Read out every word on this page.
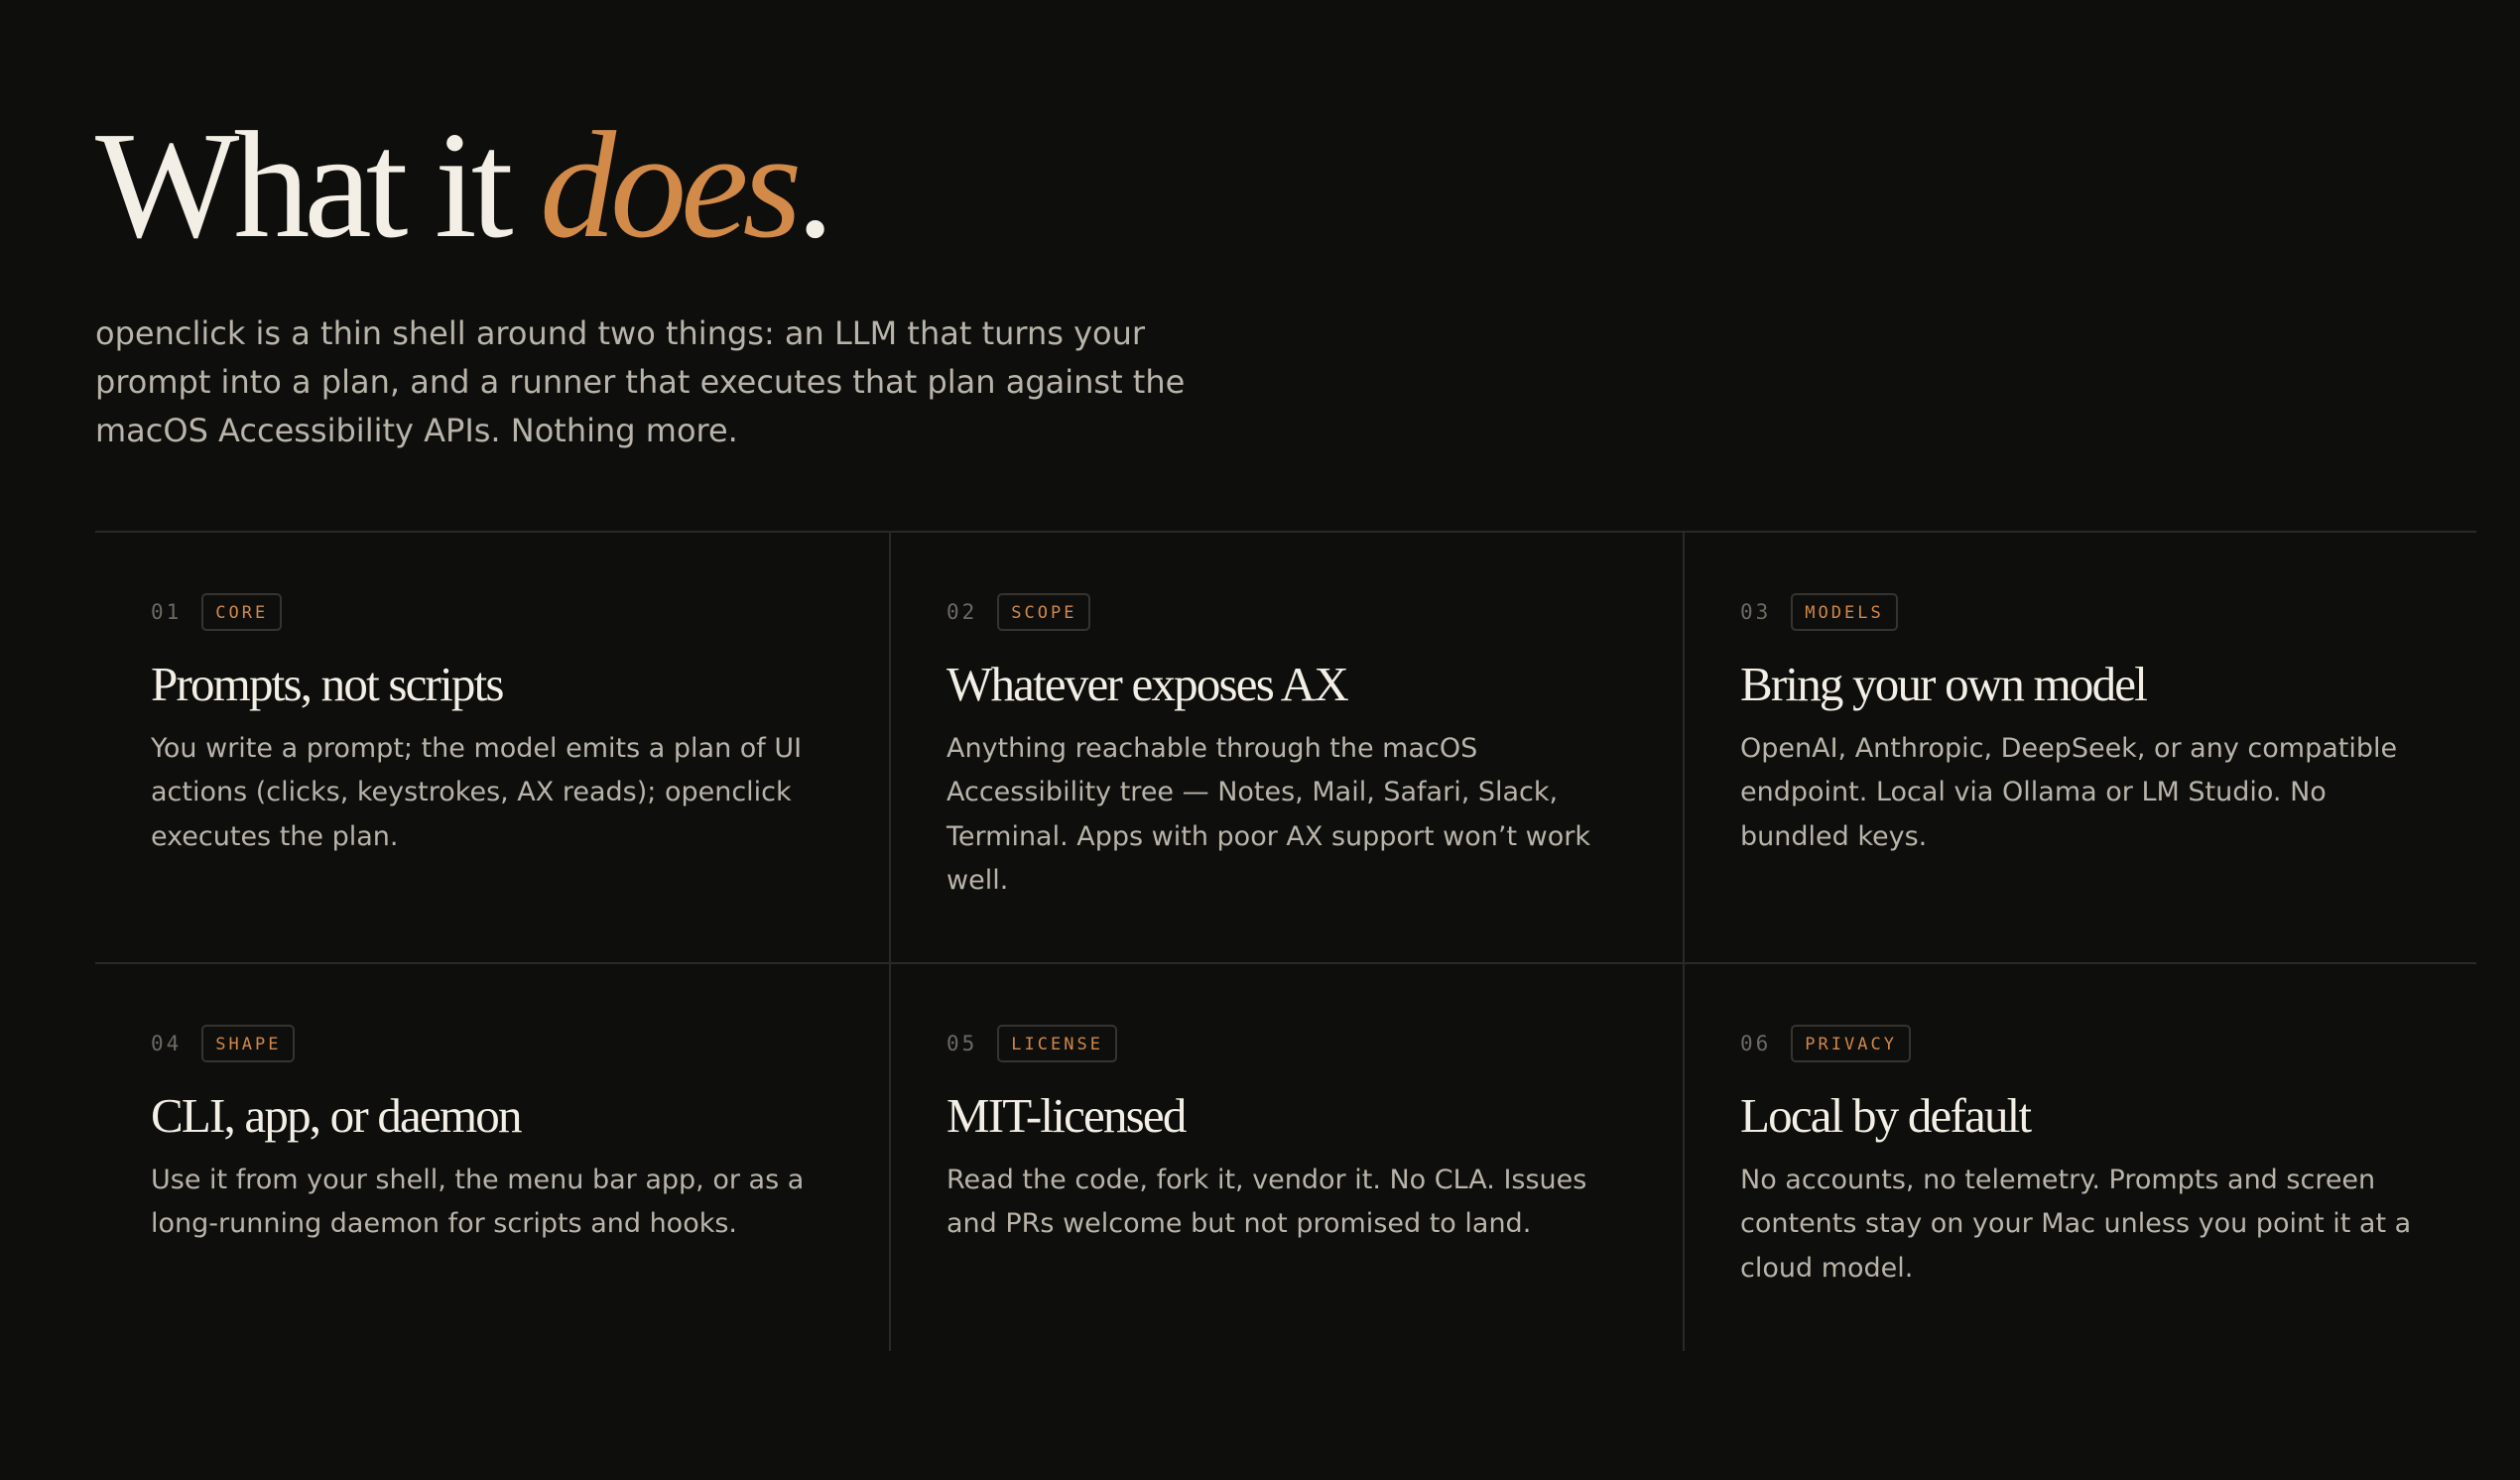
What it does.

openclick is a thin shell around two things: an LLM that turns your prompt into a plan, and a runner that executes that plan against the macOS Accessibility APIs. Nothing more.

01	CORE
Prompts, not scripts

You write a prompt; the model emits a plan of UI actions (clicks, keystrokes, AX reads); openclick executes the plan.

02	SCOPE
Whatever exposes AX

Anything reachable through the macOS Accessibility tree — Notes, Mail, Safari, Slack, Terminal. Apps with poor AX support won’t work well.

03	MODELS
Bring your own model

OpenAI, Anthropic, DeepSeek, or any compatible endpoint. Local via Ollama or LM Studio. No bundled keys.

04	SHAPE
CLI, app, or daemon

Use it from your shell, the menu bar app, or as a long-running daemon for scripts and hooks.

05	LICENSE
MIT-licensed

Read the code, fork it, vendor it. No CLA. Issues and PRs welcome but not promised to land.

06	PRIVACY
Local by default

No accounts, no telemetry. Prompts and screen contents stay on your Mac unless you point it at a cloud model.
